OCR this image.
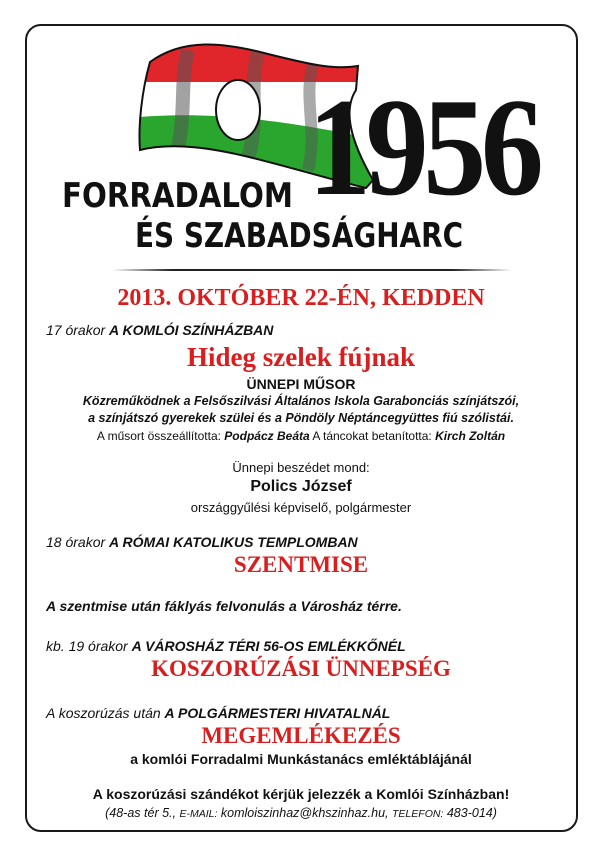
1956
FORRADALOM
ÉS SZABADSÁGHARC
2013. OKTÓBER 22-ÉN, KEDDEN
17 órakor A KOMLÓI SZÍNHÁZBAN
Hideg szelek fújnak
ÜNNEPI MŰSOR
Közreműködnek a Felsőszilvási Általános Iskola Garabonciás színjátszói,
a színjátszó gyerekek szülei és a Pöndöly Néptáncegyüttes fiú szólistái.
A műsort összeállította: Podpácz Beáta A táncokat betanította: Kirch Zoltán
Ünnepi beszédet mond:
Polics József
országgyűlési képviselő, polgármester
18 órakor A RÓMAI KATOLIKUS TEMPLOMBAN
SZENTMISE
A szentmise után fáklyás felvonulás a Városház térre.
kb. 19 órakor A VÁROSHÁZ TÉRI 56-OS EMLÉKKŐNÉL
KOSZORÚZÁSI ÜNNEPSÉG
A koszorúzás után A POLGÁRMESTERI HIVATALNÁL
MEGEMLÉKEZÉS
a komlói Forradalmi Munkástanács emléktáblájánál
A koszorúzási szándékot kérjük jelezzék a Komlói Színházban!
(48-as tér 5., E-MAIL: komloiszinhaz@khszinhaz.hu, TELEFON: 483-014)
